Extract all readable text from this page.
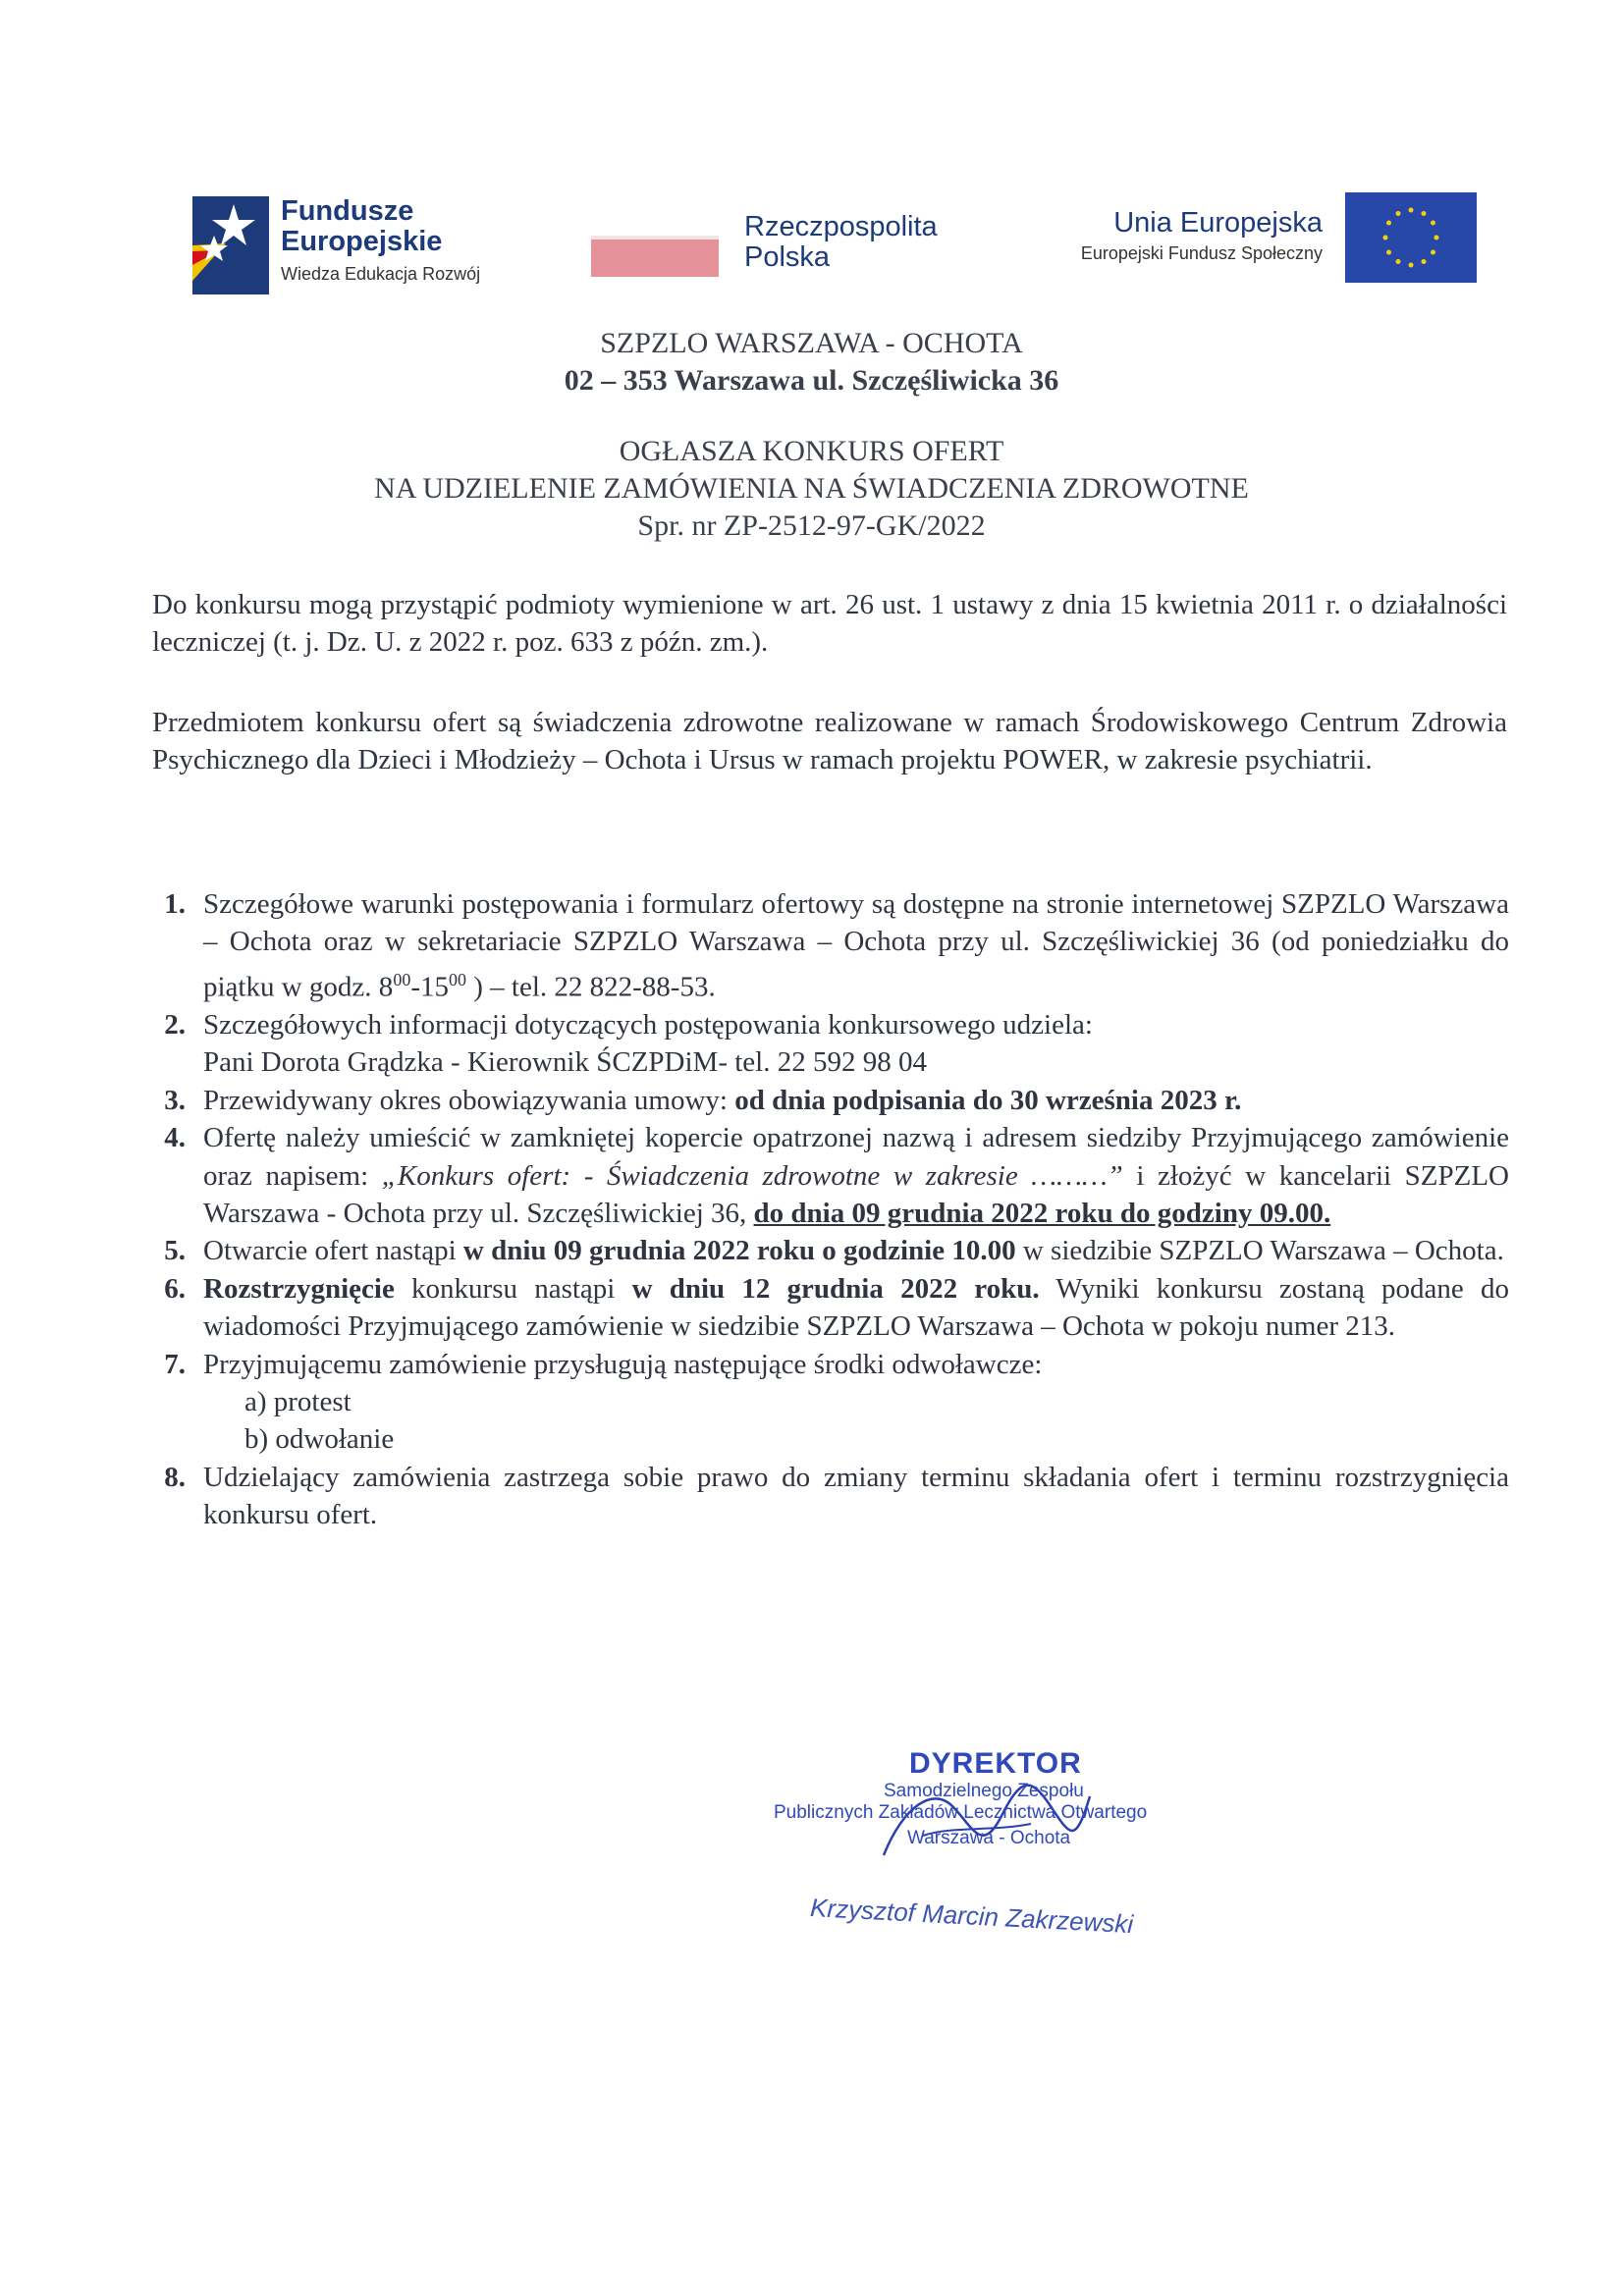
Fundusze
Europejskie
Wiedza Edukacja Rozwój
Rzeczpospolita
Polska
Unia Europejska
Europejski Fundusz Społeczny
SZPZLO WARSZAWA - OCHOTA
02 – 353 Warszawa ul. Szczęśliwicka 36
OGŁASZA KONKURS OFERT
NA UDZIELENIE ZAMÓWIENIA NA ŚWIADCZENIA ZDROWOTNE
Spr. nr ZP-2512-97-GK/2022

Do konkursu mogą przystąpić podmioty wymienione w art. 26 ust. 1 ustawy z dnia 15 kwietnia 2011 r. o działalności leczniczej (t. j. Dz. U. z 2022 r. poz. 633 z późn. zm.).

Przedmiotem konkursu ofert są świadczenia zdrowotne realizowane w ramach Środowiskowego Centrum Zdrowia Psychicznego dla Dzieci i Młodzieży – Ochota i Ursus w ramach projektu POWER, w zakresie psychiatrii.

1. Szczegółowe warunki postępowania i formularz ofertowy są dostępne na stronie internetowej SZPZLO Warszawa – Ochota oraz w sekretariacie SZPZLO Warszawa – Ochota przy ul. Szczęśliwickiej 36 (od poniedziałku do piątku w godz. $8^{00}-15^{00}$ ) – tel. 22 822-88-53.
2. Szczegółowych informacji dotyczących postępowania konkursowego udziela:
Pani Dorota Grądzka - Kierownik ŚCZPDiM- tel. 22 592 98 04
3. Przewidywany okres obowiązywania umowy: od dnia podpisania do 30 września 2023 r.
4. Ofertę należy umieścić w zamkniętej kopercie opatrzonej nazwą i adresem siedziby Przyjmującego zamówienie oraz napisem: „Konkurs ofert: - Świadczenia zdrowotne w zakresie ………” i złożyć w kancelarii SZPZLO Warszawa - Ochota przy ul. Szczęśliwickiej 36, do dnia 09 grudnia 2022 roku do godziny 09.00.
5. Otwarcie ofert nastąpi w dniu 09 grudnia 2022 roku o godzinie 10.00 w siedzibie SZPZLO Warszawa – Ochota.
6. Rozstrzygnięcie konkursu nastąpi w dniu 12 grudnia 2022 roku. Wyniki konkursu zostaną podane do wiadomości Przyjmującego zamówienie w siedzibie SZPZLO Warszawa – Ochota w pokoju numer 213.
7. Przyjmującemu zamówienie przysługują następujące środki odwoławcze:
a) protest
b) odwołanie
8. Udzielający zamówienia zastrzega sobie prawo do zmiany terminu składania ofert i terminu rozstrzygnięcia konkursu ofert.
DYREKTOR
Samodzielnego Zespołu
Publicznych Zakładów Lecznictwa Otwartego
Warszawa - Ochota
Krzysztof Marcin Zakrzewski
